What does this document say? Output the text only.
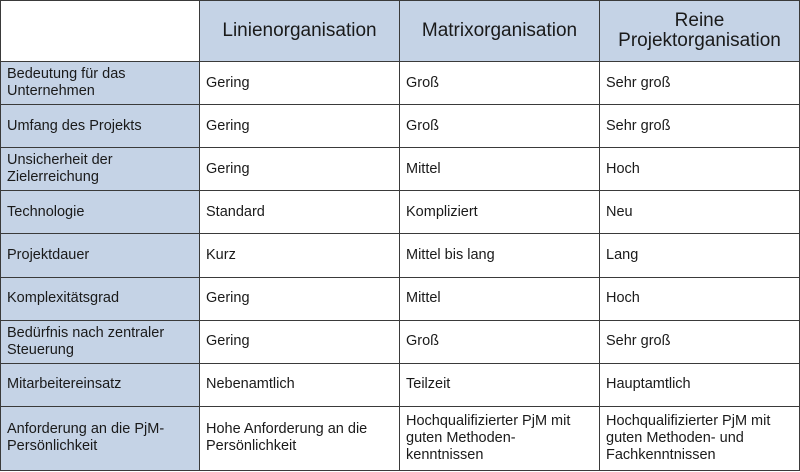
	Linienorganisation	Matrixorganisation	Reine Projektorganisation
Bedeutung für das Unternehmen	Gering	Groß	Sehr groß
Umfang des Projekts	Gering	Groß	Sehr groß
Unsicherheit der Zielerreichung	Gering	Mittel	Hoch
Technologie	Standard	Kompliziert	Neu
Projektdauer	Kurz	Mittel bis lang	Lang
Komplexitätsgrad	Gering	Mittel	Hoch
Bedürfnis nach zentraler Steuerung	Gering	Groß	Sehr groß
Mitarbeitereinsatz	Nebenamtlich	Teilzeit	Hauptamtlich
Anforderung an die PjM-Persönlichkeit	Hohe Anforderung an die Persönlichkeit	Hochqualifizierter PjM mit guten Methoden-kenntnissen	Hochqualifizierter PjM mit guten Methoden- und Fachkenntnissen
